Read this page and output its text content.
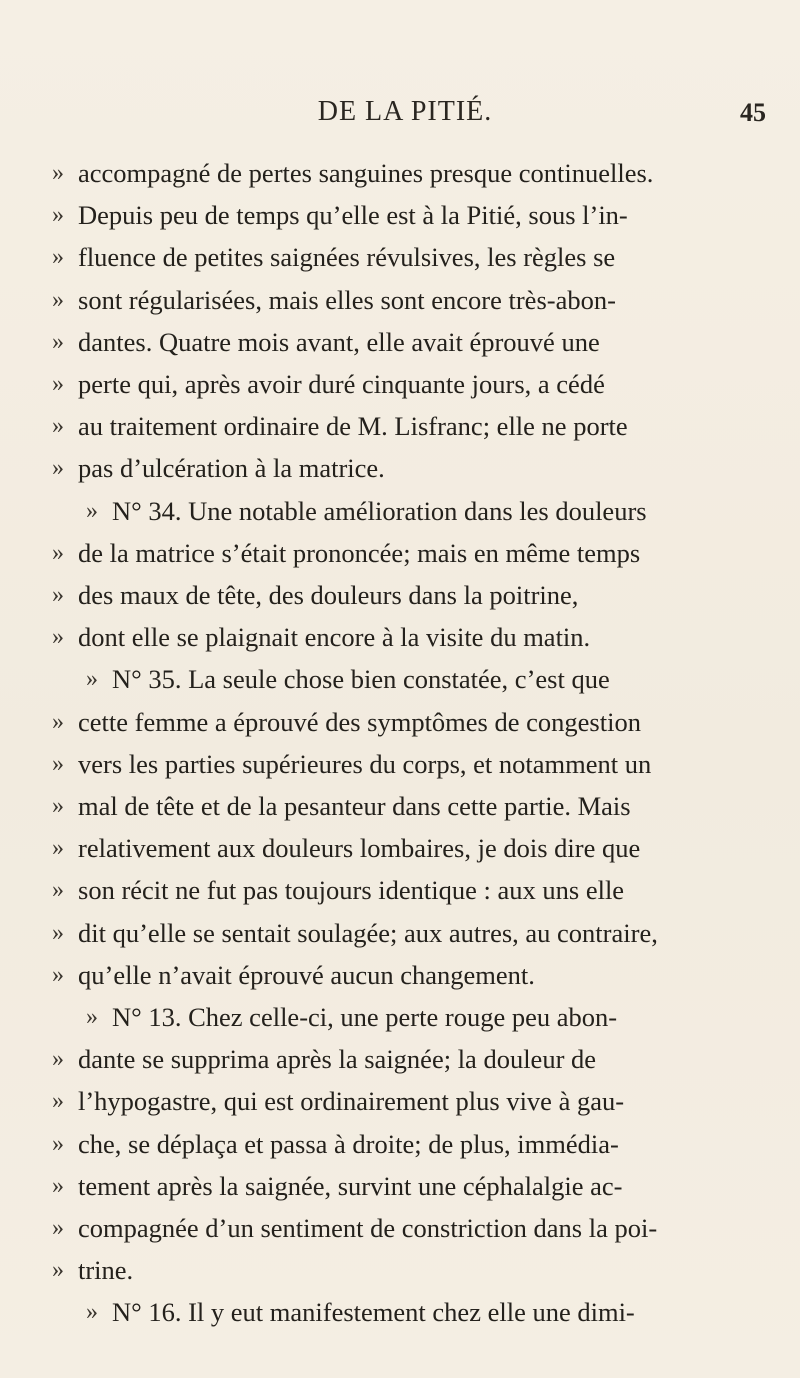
DE LA PITIÉ.	45
» accompagné de pertes sanguines presque continuelles.
» Depuis peu de temps qu’elle est à la Pitié, sous l’in-
» fluence de petites saignées révulsives, les règles se
» sont régularisées, mais elles sont encore très-abon-
» dantes. Quatre mois avant, elle avait éprouvé une
» perte qui, après avoir duré cinquante jours, a cédé
» au traitement ordinaire de M. Lisfranc; elle ne porte
» pas d’ulcération à la matrice.
» N° 34. Une notable amélioration dans les douleurs
» de la matrice s’était prononcée; mais en même temps
» des maux de tête, des douleurs dans la poitrine,
» dont elle se plaignait encore à la visite du matin.
» N° 35. La seule chose bien constatée, c’est que
» cette femme a éprouvé des symptômes de congestion
» vers les parties supérieures du corps, et notamment un
» mal de tête et de la pesanteur dans cette partie. Mais
» relativement aux douleurs lombaires, je dois dire que
» son récit ne fut pas toujours identique : aux uns elle
» dit qu’elle se sentait soulagée; aux autres, au contraire,
» qu’elle n’avait éprouvé aucun changement.
» N° 13. Chez celle-ci, une perte rouge peu abon-
» dante se supprima après la saignée; la douleur de
» l’hypogastre, qui est ordinairement plus vive à gau-
» che, se déplaça et passa à droite; de plus, immédia-
» tement après la saignée, survint une céphalalgie ac-
» compagnée d’un sentiment de constriction dans la poi-
» trine.
» N° 16. Il y eut manifestement chez elle une dimi-
